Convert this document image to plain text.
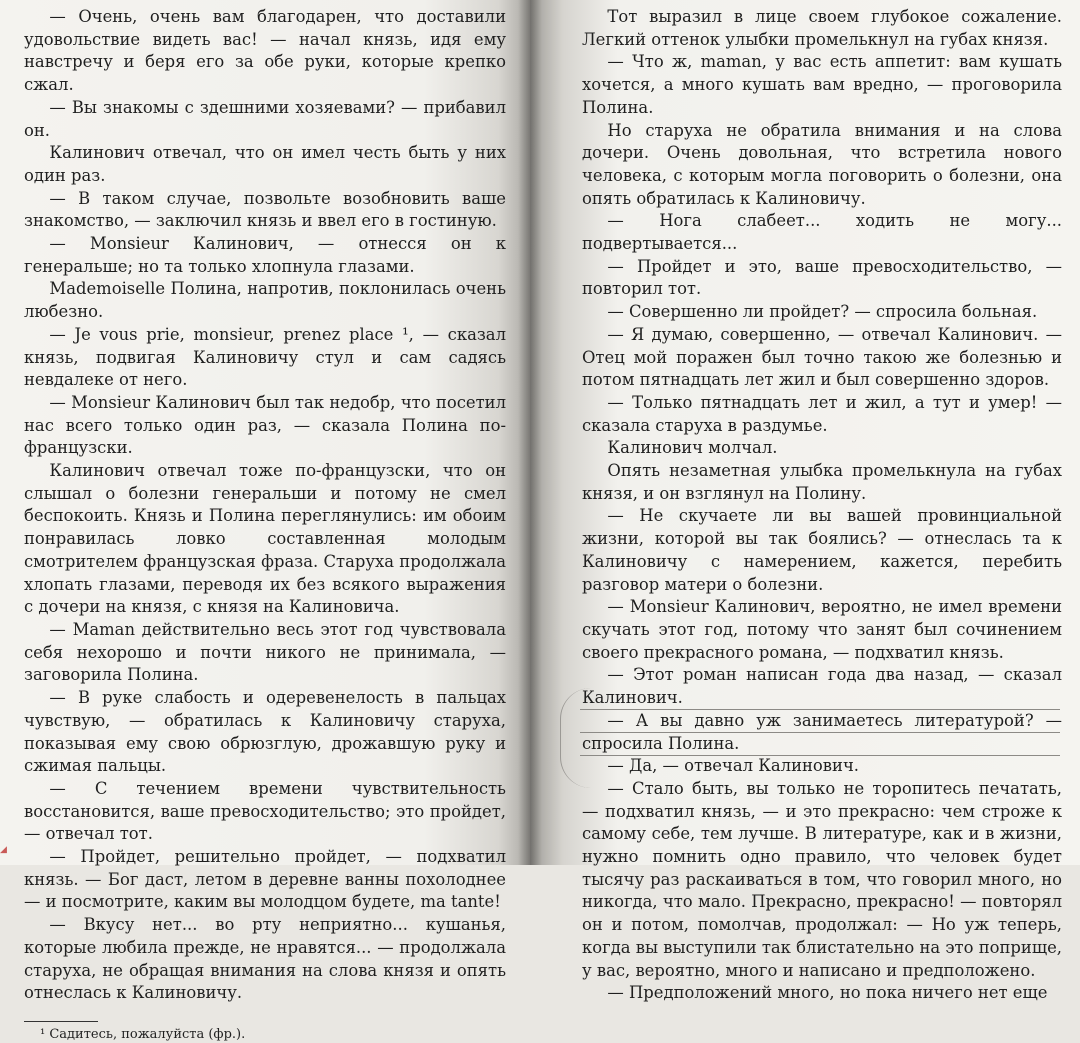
— Очень, очень вам благодарен, что доставили удовольствие видеть вас! — начал князь, идя ему навстречу и беря его за обе руки, которые крепко сжал.

— Вы знакомы с здешними хозяевами? — прибавил он.

Калинович отвечал, что он имел честь быть у них один раз.

— В таком случае, позвольте возобновить ваше знакомство, — заключил князь и ввел его в гостиную.

— Monsieur Калинович, — отнесся он к генеральше; но та только хлопнула глазами.

Mademoiselle Полина, напротив, поклонилась очень любезно.

— Je vous prie, monsieur, prenez place ¹, — сказал князь, подвигая Калиновичу стул и сам садясь невдалеке от него.

— Monsieur Калинович был так недобр, что посетил нас всего только один раз, — сказала Полина по-французски.

Калинович отвечал тоже по-французски, что он слышал о болезни генеральши и потому не смел беспокоить. Князь и Полина переглянулись: им обоим понравилась ловко составленная молодым смотрителем французская фраза. Старуха продолжала хлопать глазами, переводя их без всякого выражения с дочери на князя, с князя на Калиновича.

— Maman действительно весь этот год чувствовала себя нехорошо и почти никого не принимала, — заговорила Полина.

— В руке слабость и одеревенелость в пальцах чувствую, — обратилась к Калиновичу старуха, показывая ему свою обрюзглую, дрожавшую руку и сжимая пальцы.

— С течением времени чувствительность восстановится, ваше превосходительство; это пройдет, — отвечал тот.

— Пройдет, решительно пройдет, — подхватил князь. — Бог даст, летом в деревне ванны похолоднее — и посмотрите, каким вы молодцом будете, ma tante!

— Вкусу нет... во рту неприятно... кушанья, которые любила прежде, не нравятся... — продолжала старуха, не обращая внимания на слова князя и опять отнеслась к Калиновичу.

¹ Садитесь, пожалуйста (фр.).

Тот выразил в лице своем глубокое сожаление. Легкий оттенок улыбки промелькнул на губах князя.

— Что ж, maman, у вас есть аппетит: вам кушать хочется, а много кушать вам вредно, — проговорила Полина.

Но старуха не обратила внимания и на слова дочери. Очень довольная, что встретила нового человека, с которым могла поговорить о болезни, она опять обратилась к Калиновичу.

— Нога слабеет... ходить не могу... подвертывается...

— Пройдет и это, ваше превосходительство, — повторил тот.

— Совершенно ли пройдет? — спросила больная.

— Я думаю, совершенно, — отвечал Калинович. — Отец мой поражен был точно такою же болезнью и потом пятнадцать лет жил и был совершенно здоров.

— Только пятнадцать лет и жил, а тут и умер! — сказала старуха в раздумье.

Калинович молчал.

Опять незаметная улыбка промелькнула на губах князя, и он взглянул на Полину.

— Не скучаете ли вы вашей провинциальной жизни, которой вы так боялись? — отнеслась та к Калиновичу с намерением, кажется, перебить разговор матери о болезни.

— Monsieur Калинович, вероятно, не имел времени скучать этот год, потому что занят был сочинением своего прекрасного романа, — подхватил князь.

— Этот роман написан года два назад, — сказал Калинович.

— А вы давно уж занимаетесь литературой? — спросила Полина.

— Да, — отвечал Калинович.

— Стало быть, вы только не торопитесь печатать, — подхватил князь, — и это прекрасно: чем строже к самому себе, тем лучше. В литературе, как и в жизни, нужно помнить одно правило, что человек будет тысячу раз раскаиваться в том, что говорил много, но никогда, что мало. Прекрасно, прекрасно! — повторял он и потом, помолчав, продолжал: — Но уж теперь, когда вы выступили так блистательно на это поприще, у вас, вероятно, много и написано и предположено.

— Предположений много, но пока ничего нет еще

◢
